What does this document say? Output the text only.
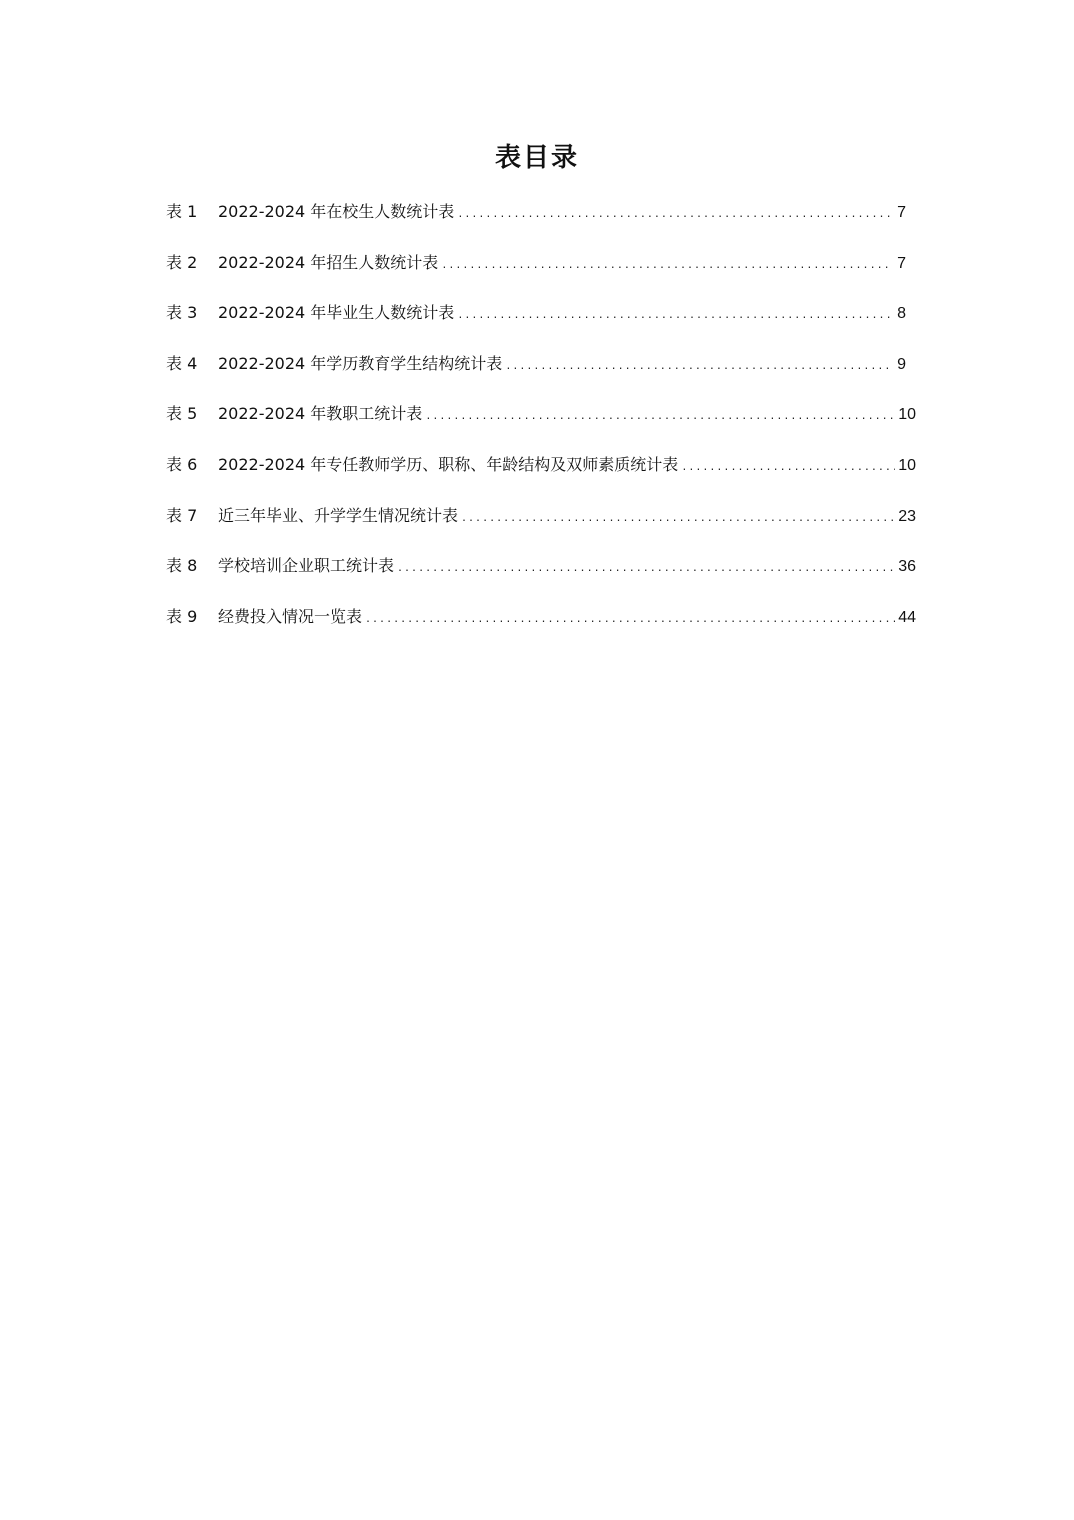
表目录
表 1	2022-2024 年在校生人数统计表 .....	7
表 2	2022-2024 年招生人数统计表 .....	7
表 3	2022-2024 年毕业生人数统计表 .....	8
表 4	2022-2024 年学历教育学生结构统计表 .....	9
表 5	2022-2024 年教职工统计表 .....	10
表 6	2022-2024 年专任教师学历、职称、年龄结构及双师素质统计表 .....	10
表 7	近三年毕业、升学学生情况统计表 .....	23
表 8	学校培训企业职工统计表 .....	36
表 9	经费投入情况一览表 .....	44
